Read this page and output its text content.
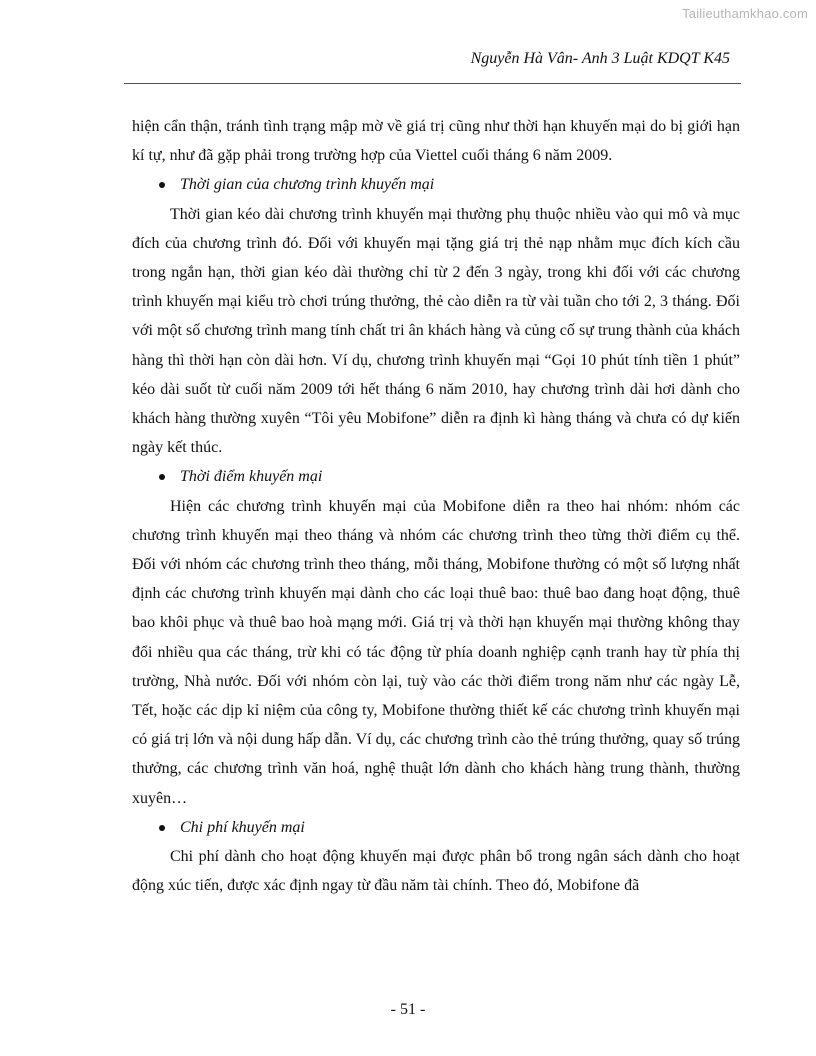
Tailieuthamkhao.com
Nguyễn Hà Vân- Anh 3 Luật KDQT K45

hiện cẩn thận, tránh tình trạng mập mờ về giá trị cũng như thời hạn khuyến mại do bị giới hạn kí tự, như đã gặp phải trong trường hợp của Viettel cuối tháng 6 năm 2009.

Thời gian của chương trình khuyến mại

Thời gian kéo dài chương trình khuyến mại thường phụ thuộc nhiều vào qui mô và mục đích của chương trình đó. Đối với khuyến mại tặng giá trị thẻ nạp nhằm mục đích kích cầu trong ngắn hạn, thời gian kéo dài thường chỉ từ 2 đến 3 ngày, trong khi đối với các chương trình khuyến mại kiểu trò chơi trúng thưởng, thẻ cào diễn ra từ vài tuần cho tới 2, 3 tháng. Đối với một số chương trình mang tính chất tri ân khách hàng và củng cố sự trung thành của khách hàng thì thời hạn còn dài hơn. Ví dụ, chương trình khuyến mại “Gọi 10 phút tính tiền 1 phút” kéo dài suốt từ cuối năm 2009 tới hết tháng 6 năm 2010, hay chương trình dài hơi dành cho khách hàng thường xuyên “Tôi yêu Mobifone” diễn ra định kì hàng tháng và chưa có dự kiến ngày kết thúc.

Thời điểm khuyến mại

Hiện các chương trình khuyến mại của Mobifone diễn ra theo hai nhóm: nhóm các chương trình khuyến mại theo tháng và nhóm các chương trình theo từng thời điểm cụ thể. Đối với nhóm các chương trình theo tháng, mỗi tháng, Mobifone thường có một số lượng nhất định các chương trình khuyến mại dành cho các loại thuê bao: thuê bao đang hoạt động, thuê bao khôi phục và thuê bao hoà mạng mới. Giá trị và thời hạn khuyến mại thường không thay đổi nhiều qua các tháng, trừ khi có tác động từ phía doanh nghiệp cạnh tranh hay từ phía thị trường, Nhà nước. Đối với nhóm còn lại, tuỳ vào các thời điểm trong năm như các ngày Lễ, Tết, hoặc các dịp kỉ niệm của công ty, Mobifone thường thiết kế các chương trình khuyến mại có giá trị lớn và nội dung hấp dẫn. Ví dụ, các chương trình cào thẻ trúng thưởng, quay số trúng thưởng, các chương trình văn hoá, nghệ thuật lớn dành cho khách hàng trung thành, thường xuyên…

Chi phí khuyến mại

Chi phí dành cho hoạt động khuyến mại được phân bổ trong ngân sách dành cho hoạt động xúc tiến, được xác định ngay từ đầu năm tài chính. Theo đó, Mobifone đã

- 51 -
